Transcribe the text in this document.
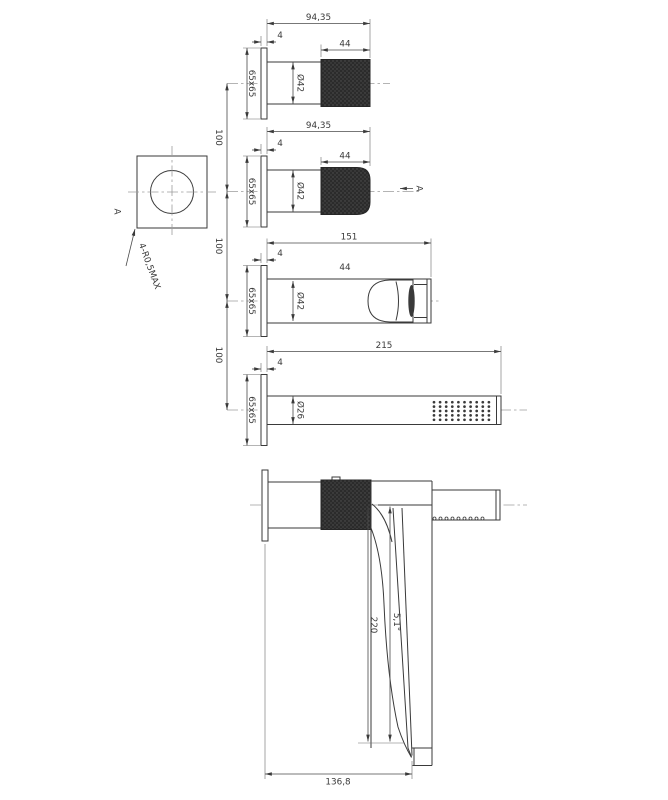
94,35
4
44
Ø42
65x65
94,35
4
44
Ø42
65x65	A
151
4
44
Ø42
65x65
215
4
Ø26
65x65
100
100
100
A
4-R0,5MAX
220 5,1°
136,8
